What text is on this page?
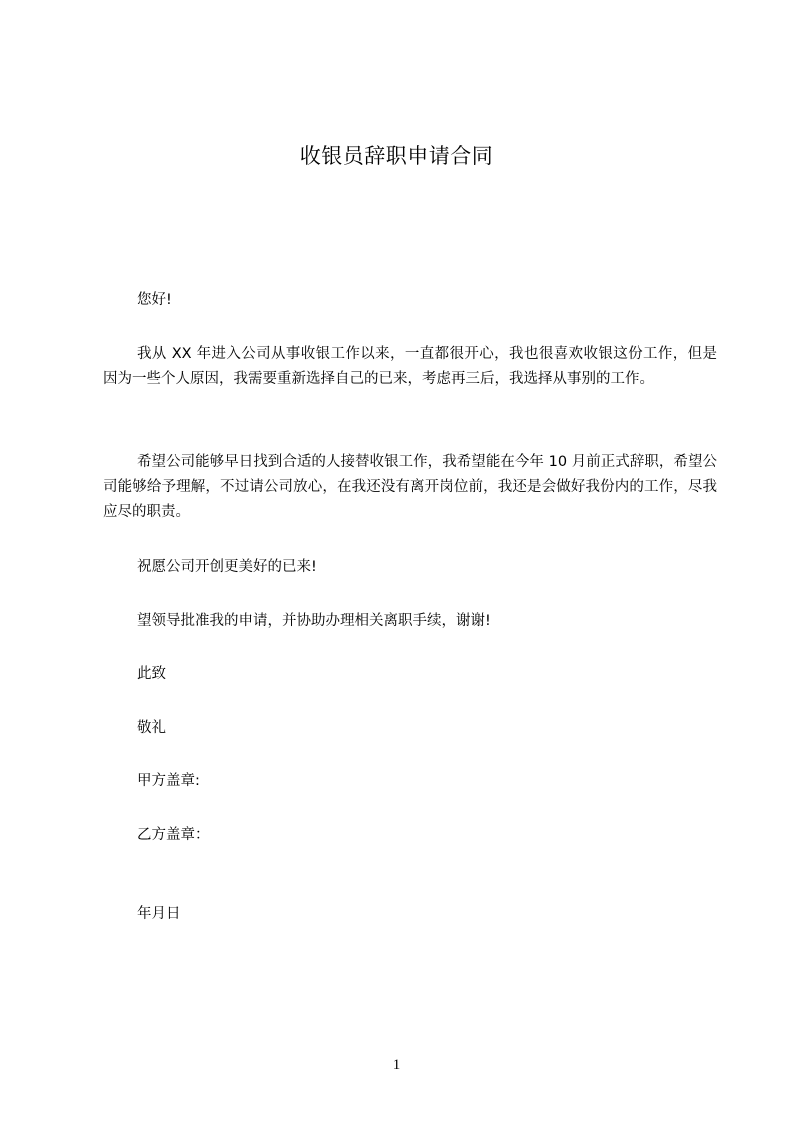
收银员辞职申请合同
您好!

我从 XX 年进入公司从事收银工作以来，一直都很开心，我也很喜欢收银这份工作，但是因为一些个人原因，我需要重新选择自己的已来，考虑再三后，我选择从事别的工作。

希望公司能够早日找到合适的人接替收银工作，我希望能在今年 10 月前正式辞职，希望公司能够给予理解，不过请公司放心，在我还没有离开岗位前，我还是会做好我份内的工作，尽我应尽的职责。

祝愿公司开创更美好的已来!
望领导批准我的申请，并协助办理相关离职手续，谢谢!
此致
敬礼
甲方盖章:
乙方盖章：
年月日
1
